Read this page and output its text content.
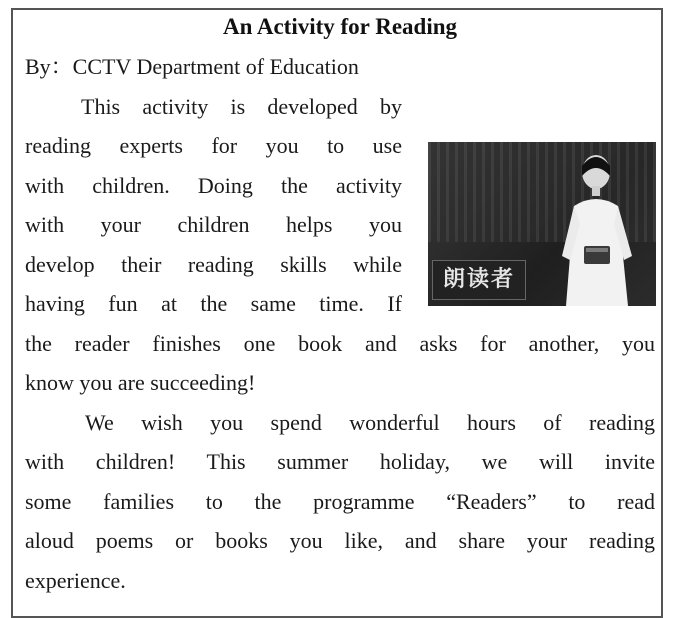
An Activity for Reading
By：CCTV Department of Education
This activity is developed by
reading experts for you to use
with children. Doing the activity
with your children helps you
develop their reading skills while
having fun at the same time. If
the reader finishes one book and asks for another, you
know you are succeeding!
We wish you spend wonderful hours of reading
with children! This summer holiday, we will invite
some families to the programme “Readers” to read
aloud poems or books you like, and share your reading
experience.
朗读者
